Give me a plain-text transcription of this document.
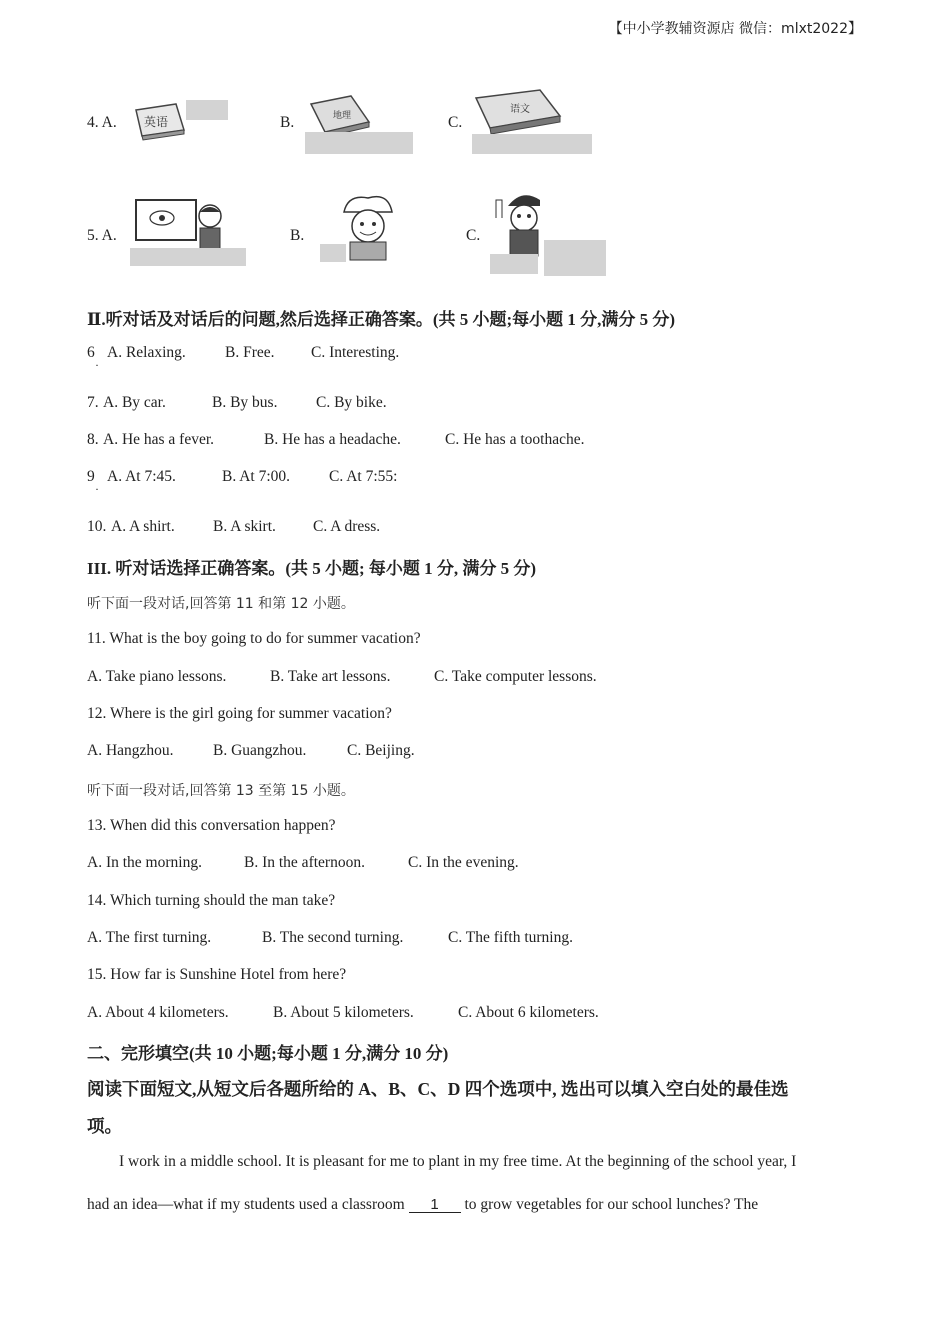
【中小学教辅资源店 微信：mlxt2022】
4. A. 英语	B.	地理	C.
语文
5. A.	B.	C.
Ⅱ.听对话及对话后的问题,然后选择正确答案。(共 5 小题;每小题 1 分,满分 5 分)
6
·
A. Relaxing.	B. Free. C. Interesting.
7. A. By car.	B. By bus. C. By bike.
8. A. He has a fever.	B. He has a headache.	C. He has a toothache.
9
·
A. At 7:45.	B. At 7:00.	C. At 7:55:
10. A. A shirt. B. A skirt. C. A dress.
III. 听对话选择正确答案。(共 5 小题; 每小题 1 分, 满分 5 分)
听下面一段对话,回答第 11 和第 12 小题。
11. What is the boy going to do for summer vacation?
A. Take piano lessons.	B. Take art lessons.	C. Take computer lessons.
12. Where is the girl going for summer vacation?
A. Hangzhou.	B. Guangzhou.	C. Beijing.
听下面一段对话,回答第 13 至第 15 小题。
13. When did this conversation happen?
A. In the morning.	B. In the afternoon.	C. In the evening.
14. Which turning should the man take?
A. The first turning.	B. The second turning.	C. The fifth turning.
15. How far is Sunshine Hotel from here?
A. About 4 kilometers.	B. About 5 kilometers.	C. About 6 kilometers.
二、完形填空(共 10 小题;每小题 1 分,满分 10 分)
阅读下面短文,从短文后各题所给的 A、B、C、D 四个选项中, 选出可以填入空白处的最佳选
项。
I work in a middle school. It is pleasant for me to plant in my free time. At the beginning of the school year, I
had an idea—what if my students used a classroom 1 to grow vegetables for our school lunches? The
